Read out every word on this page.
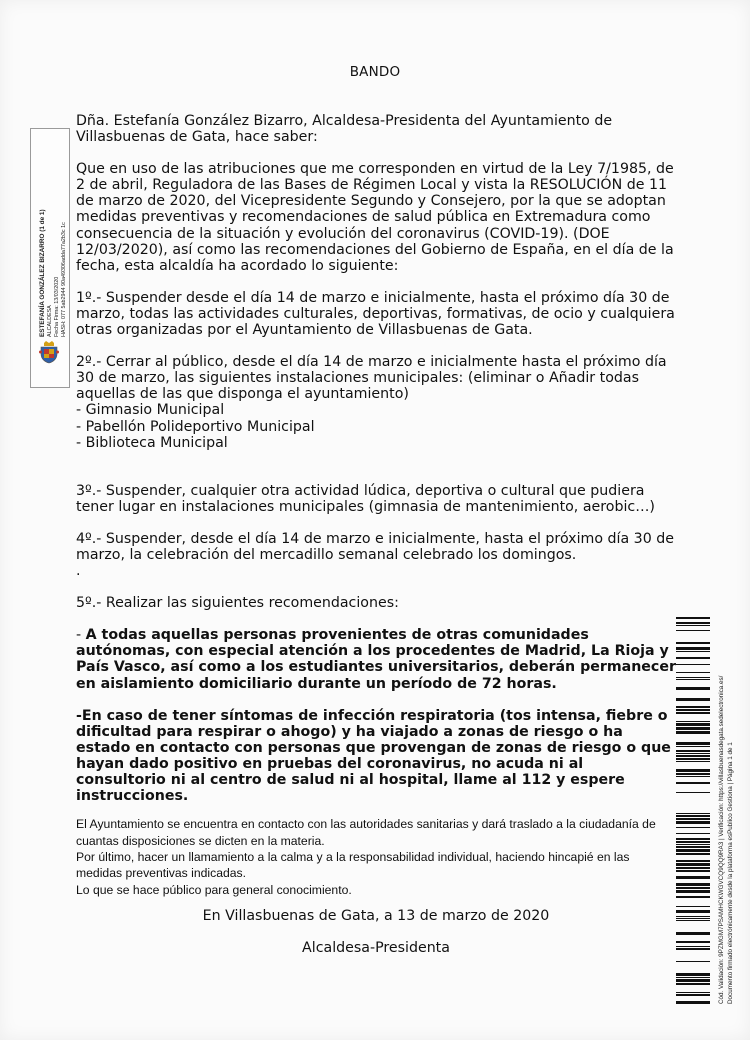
BANDO
ESTEFANÍA GONZÁLEZ BIZARRO (1 de 1) ALCALDESA Fecha Firma: 13/03/2020 HASH: 077 5ab2944 90a49306adda77a2b3c 1c

Dña. Estefanía González Bizarro, Alcaldesa-Presidenta del Ayuntamiento de Villasbuenas de Gata, hace saber:

Que en uso de las atribuciones que me corresponden en virtud de la Ley 7/1985, de 2 de abril, Reguladora de las Bases de Régimen Local y vista la RESOLUCIÓN de 11 de marzo de 2020, del Vicepresidente Segundo y Consejero, por la que se adoptan medidas preventivas y recomendaciones de salud pública en Extremadura como consecuencia de la situación y evolución del coronavirus (COVID-19). (DOE 12/03/2020), así como las recomendaciones del Gobierno de España, en el día de la fecha, esta alcaldía ha acordado lo siguiente:

1º.- Suspender desde el día 14 de marzo e inicialmente, hasta el próximo día 30 de marzo, todas las actividades culturales, deportivas, formativas, de ocio y cualquiera otras organizadas por el Ayuntamiento de Villasbuenas de Gata.

2º.- Cerrar al público, desde el día 14 de marzo e inicialmente hasta el próximo día 30 de marzo, las siguientes instalaciones municipales: (eliminar o Añadir todas aquellas de las que disponga el ayuntamiento)

- Gimnasio Municipal
- Pabellón Polideportivo Municipal
- Biblioteca Municipal

3º.- Suspender, cualquier otra actividad lúdica, deportiva o cultural que pudiera tener lugar en instalaciones municipales (gimnasia de mantenimiento, aerobic…)

4º.- Suspender, desde el día 14 de marzo e inicialmente, hasta el próximo día 30 de marzo, la celebración del mercadillo semanal celebrado los domingos.

.

5º.- Realizar las siguientes recomendaciones:

- A todas aquellas personas provenientes de otras comunidades autónomas, con especial atención a los procedentes de Madrid, La Rioja y País Vasco, así como a los estudiantes universitarios, deberán permanecer en aislamiento domiciliario durante un período de 72 horas.

-En caso de tener síntomas de infección respiratoria (tos intensa, fiebre o dificultad para respirar o ahogo) y ha viajado a zonas de riesgo o ha estado en contacto con personas que provengan de zonas de riesgo o que hayan dado positivo en pruebas del coronavirus, no acuda ni al consultorio ni al centro de salud ni al hospital, llame al 112 y espere instrucciones.

El Ayuntamiento se encuentra en contacto con las autoridades sanitarias y dará traslado a la ciudadanía de cuantas disposiciones se dicten en la materia.

Por último, hacer un llamamiento a la calma y a la responsabilidad individual, haciendo hincapié en las medidas preventivas indicadas.

Lo que se hace público para general conocimiento.

En Villasbuenas de Gata, a 13 de marzo de 2020

Alcaldesa-Presidenta	Cód. Validación: 9PZMGM7PSAMHCKWGVCQ9QQ9RA3 | Verificación: https://villasbuenasdegata.sedelectronica.es/ Documento firmado electrónicamente desde la plataforma esPublico Gestiona | Página 1 de 1
